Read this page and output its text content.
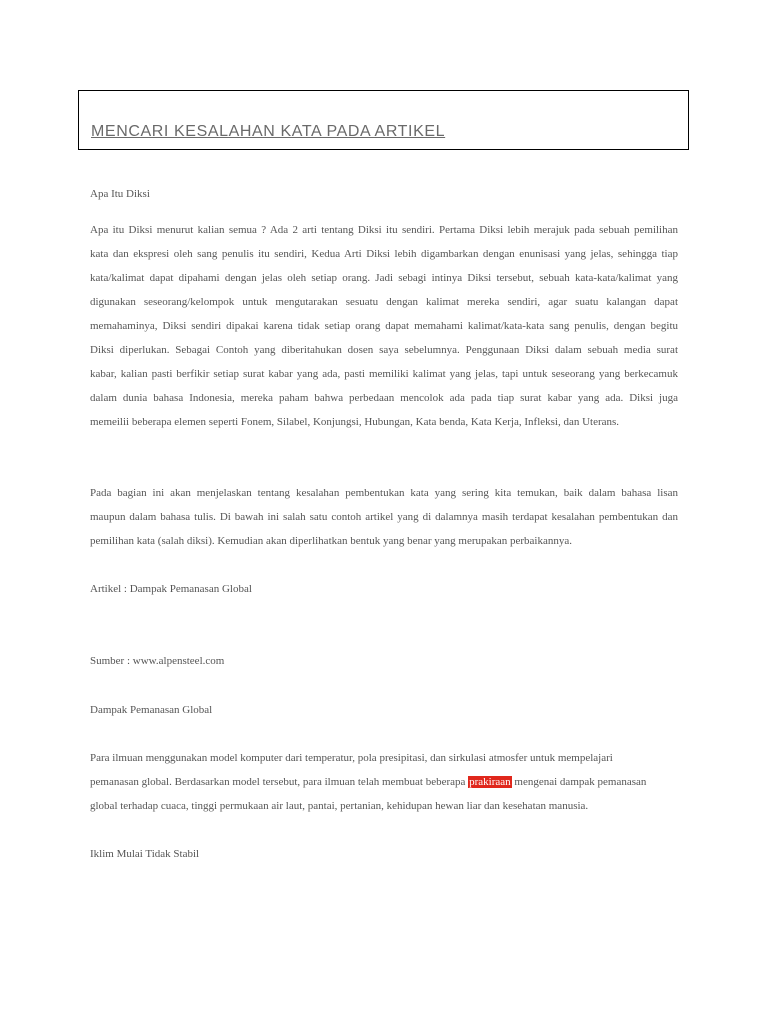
MENCARI KESALAHAN KATA PADA ARTIKEL
Apa Itu Diksi
Apa itu Diksi menurut kalian semua ? Ada 2 arti tentang Diksi itu sendiri. Pertama Diksi lebih merajuk pada sebuah pemilihan
kata dan ekspresi oleh sang penulis itu sendiri, Kedua Arti Diksi lebih digambarkan dengan enunisasi yang jelas, sehingga tiap
kata/kalimat dapat dipahami dengan jelas oleh setiap orang. Jadi sebagi intinya Diksi tersebut, sebuah kata-kata/kalimat yang
digunakan seseorang/kelompok untuk mengutarakan sesuatu dengan kalimat mereka sendiri, agar suatu kalangan dapat
memahaminya, Diksi sendiri dipakai karena tidak setiap orang dapat memahami kalimat/kata-kata sang penulis, dengan begitu
Diksi diperlukan. Sebagai Contoh yang diberitahukan dosen saya sebelumnya. Penggunaan Diksi dalam sebuah media surat
kabar, kalian pasti berfikir setiap surat kabar yang ada, pasti memiliki kalimat yang jelas, tapi untuk seseorang yang berkecamuk
dalam dunia bahasa Indonesia, mereka paham bahwa perbedaan mencolok ada pada tiap surat kabar yang ada. Diksi juga
memeilii beberapa elemen seperti Fonem, Silabel, Konjungsi, Hubungan, Kata benda, Kata Kerja, Infleksi, dan Uterans.
Pada bagian ini akan menjelaskan tentang kesalahan pembentukan kata yang sering kita temukan, baik dalam bahasa lisan
maupun dalam bahasa tulis. Di bawah ini salah satu contoh artikel yang di dalamnya masih terdapat kesalahan pembentukan dan
pemilihan kata (salah diksi). Kemudian akan diperlihatkan bentuk yang benar yang merupakan perbaikannya.
Artikel : Dampak Pemanasan Global
Sumber : www.alpensteel.com
Dampak Pemanasan Global
Para ilmuan menggunakan model komputer dari temperatur, pola presipitasi, dan sirkulasi atmosfer untuk mempelajari
pemanasan global. Berdasarkan model tersebut, para ilmuan telah membuat beberapa prakiraan mengenai dampak pemanasan
global terhadap cuaca, tinggi permukaan air laut, pantai, pertanian, kehidupan hewan liar dan kesehatan manusia.
Iklim Mulai Tidak Stabil
